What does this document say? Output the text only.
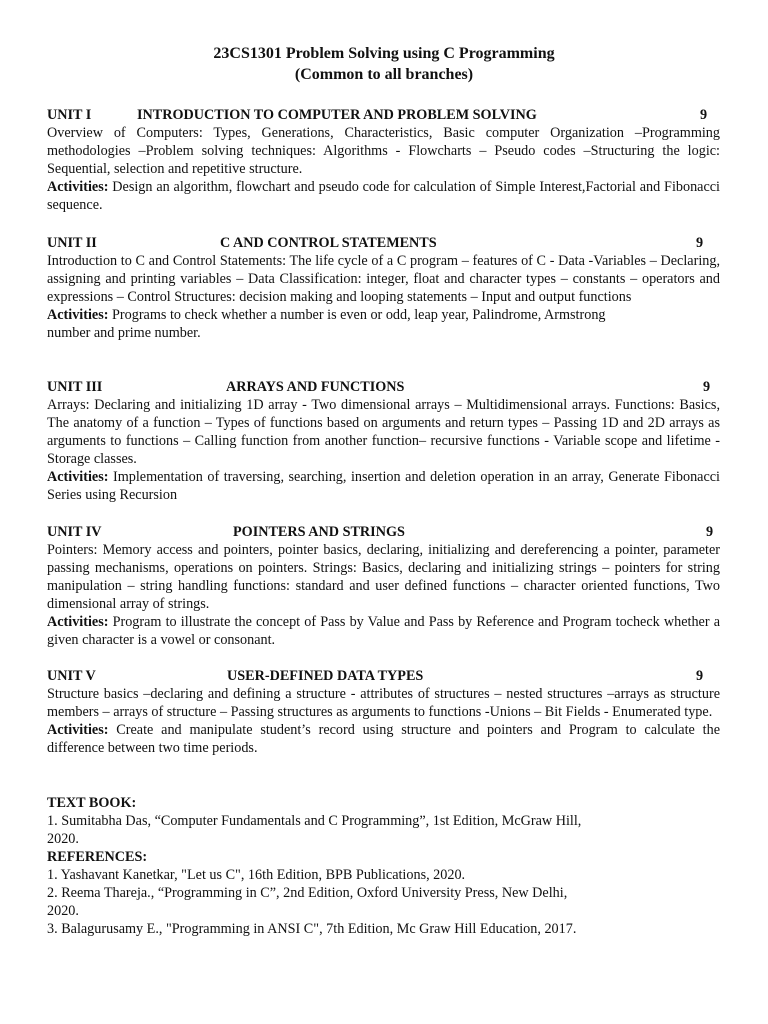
23CS1301 Problem Solving using C Programming
(Common to all branches)
UNIT I	INTRODUCTION TO COMPUTER AND PROBLEM SOLVING	9

Overview of Computers: Types, Generations, Characteristics, Basic computer Organization –Programming methodologies –Problem solving techniques: Algorithms - Flowcharts – Pseudo codes –Structuring the logic: Sequential, selection and repetitive structure.

Activities: Design an algorithm, flowchart and pseudo code for calculation of Simple Interest,Factorial and Fibonacci sequence.

UNIT II	C AND CONTROL STATEMENTS	9

Introduction to C and Control Statements: The life cycle of a C program – features of C - Data -Variables – Declaring, assigning and printing variables – Data Classification: integer, float and character types – constants – operators and expressions – Control Structures: decision making and looping statements – Input and output functions

Activities: Programs to check whether a number is even or odd, leap year, Palindrome, Armstrong

number and prime number.

UNIT III	ARRAYS AND FUNCTIONS	9

Arrays: Declaring and initializing 1D array - Two dimensional arrays – Multidimensional arrays. Functions: Basics, The anatomy of a function – Types of functions based on arguments and return types – Passing 1D and 2D arrays as arguments to functions – Calling function from another function– recursive functions - Variable scope and lifetime - Storage classes.

Activities: Implementation of traversing, searching, insertion and deletion operation in an array, Generate Fibonacci Series using Recursion

UNIT IV	POINTERS AND STRINGS	9

Pointers: Memory access and pointers, pointer basics, declaring, initializing and dereferencing a pointer, parameter passing mechanisms, operations on pointers. Strings: Basics, declaring and initializing strings – pointers for string manipulation – string handling functions: standard and user defined functions – character oriented functions, Two dimensional array of strings.

Activities: Program to illustrate the concept of Pass by Value and Pass by Reference and Program tocheck whether a given character is a vowel or consonant.

UNIT V	USER-DEFINED DATA TYPES	9

Structure basics –declaring and defining a structure - attributes of structures – nested structures –arrays as structure members – arrays of structure – Passing structures as arguments to functions -Unions – Bit Fields - Enumerated type.

Activities: Create and manipulate student’s record using structure and pointers and Program to calculate the difference between two time periods.

TEXT BOOK:
1. Sumitabha Das, “Computer Fundamentals and C Programming”, 1st Edition, McGraw Hill,
2020.
REFERENCES:
1. Yashavant Kanetkar, "Let us C", 16th Edition, BPB Publications, 2020.
2. Reema Thareja., “Programming in C”, 2nd Edition, Oxford University Press, New Delhi,
2020.
3. Balagurusamy E., "Programming in ANSI C", 7th Edition, Mc Graw Hill Education, 2017.
